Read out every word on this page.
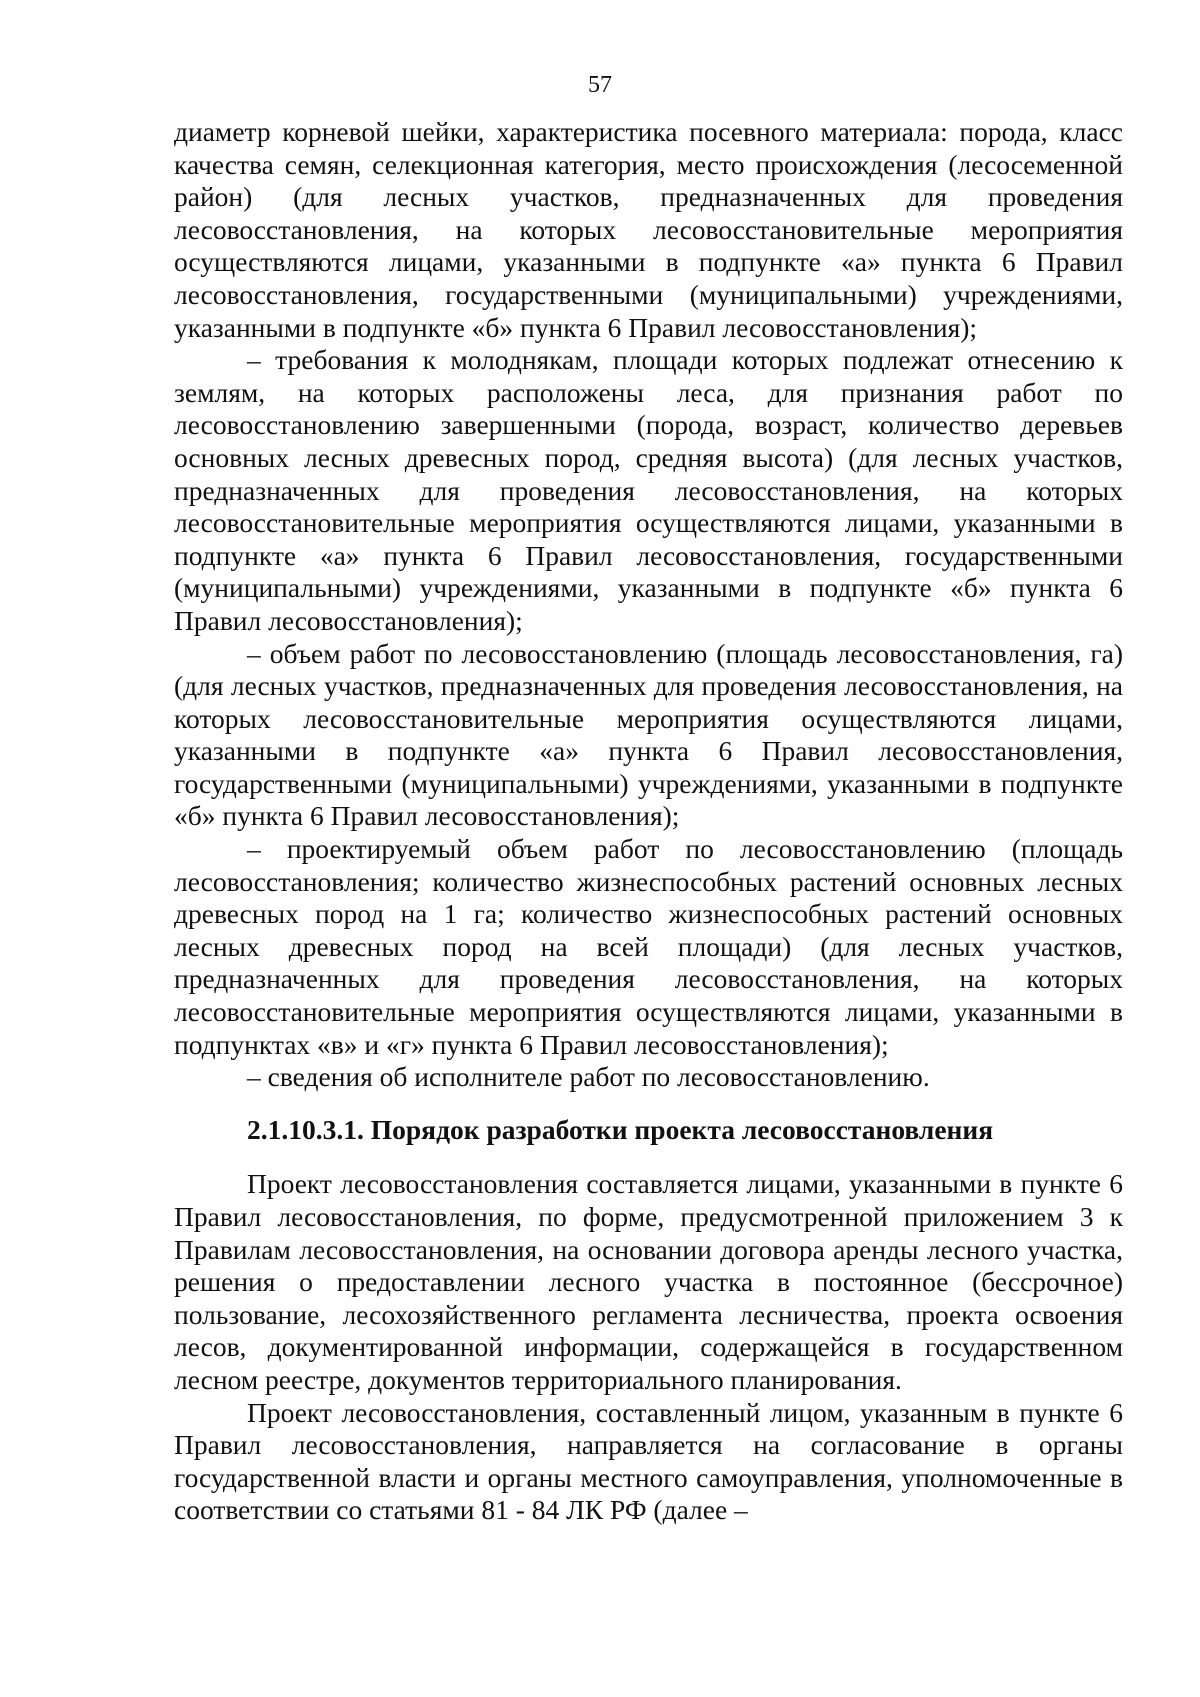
57

диаметр корневой шейки, характеристика посевного материала: порода, класс качества семян, селекционная категория, место происхождения (лесосеменной район) (для лесных участков, предназначенных для проведения лесовосстановления, на которых лесовосстановительные мероприятия осуществляются лицами, указанными в подпункте «а» пункта 6 Правил лесовосстановления, государственными (муниципальными) учреждениями, указанными в подпункте «б» пункта 6 Правил лесовосстановления);

– требования к молоднякам, площади которых подлежат отнесению к землям, на которых расположены леса, для признания работ по лесовосстановлению завершенными (порода, возраст, количество деревьев основных лесных древесных пород, средняя высота) (для лесных участков, предназначенных для проведения лесовосстановления, на которых лесовосстановительные мероприятия осуществляются лицами, указанными в подпункте «а» пункта 6 Правил лесовосстановления, государственными (муниципальными) учреждениями, указанными в подпункте «б» пункта 6 Правил лесовосстановления);

– объем работ по лесовосстановлению (площадь лесовосстановления, га) (для лесных участков, предназначенных для проведения лесовосстановления, на которых лесовосстановительные мероприятия осуществляются лицами, указанными в подпункте «а» пункта 6 Правил лесовосстановления, государственными (муниципальными) учреждениями, указанными в подпункте «б» пункта 6 Правил лесовосстановления);

– проектируемый объем работ по лесовосстановлению (площадь лесовосстановления; количество жизнеспособных растений основных лесных древесных пород на 1 га; количество жизнеспособных растений основных лесных древесных пород на всей площади) (для лесных участков, предназначенных для проведения лесовосстановления, на которых лесовосстановительные мероприятия осуществляются лицами, указанными в подпунктах «в» и «г» пункта 6 Правил лесовосстановления);

– сведения об исполнителе работ по лесовосстановлению.

2.1.10.3.1. Порядок разработки проекта лесовосстановления

Проект лесовосстановления составляется лицами, указанными в пункте 6 Правил лесовосстановления, по форме, предусмотренной приложением 3 к Правилам лесовосстановления, на основании договора аренды лесного участка, решения о предоставлении лесного участка в постоянное (бессрочное) пользование, лесохозяйственного регламента лесничества, проекта освоения лесов, документированной информации, содержащейся в государственном лесном реестре, документов территориального планирования.

Проект лесовосстановления, составленный лицом, указанным в пункте 6 Правил лесовосстановления, направляется на согласование в органы государственной власти и органы местного самоуправления, уполномоченные в соответствии со статьями 81 - 84 ЛК РФ (далее –
